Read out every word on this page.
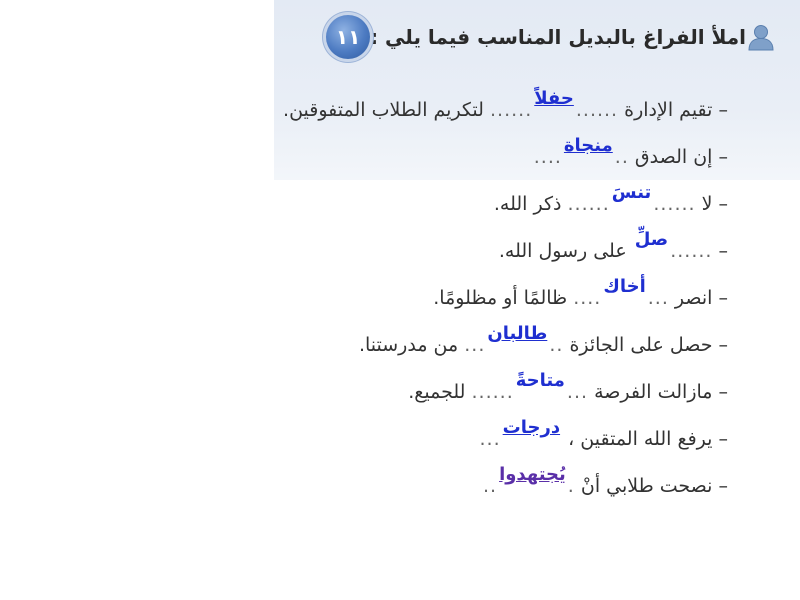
١١ املأ الفراغ بالبديل المناسب فيما يلي :
– تقيم الإدارة
......
حفلاً
......
لتكريم الطلاب المتفوقين.
– إن الصدق
..
منجاة
....
– لا
......
تنسَ
......
ذكر الله.
–
......
صلِّ
على رسول الله.
– انصر
...
أخاك
....
ظالمًا أو مظلومًا.
– حصل على الجائزة
..
طالبان
...
من مدرستنا.
– مازالت الفرصة
...
متاحةً
......
للجميع.
– يرفع الله المتقين ،
درجات
...
– نصحت طلابي أنْ
.
يُجتهدوا
..
